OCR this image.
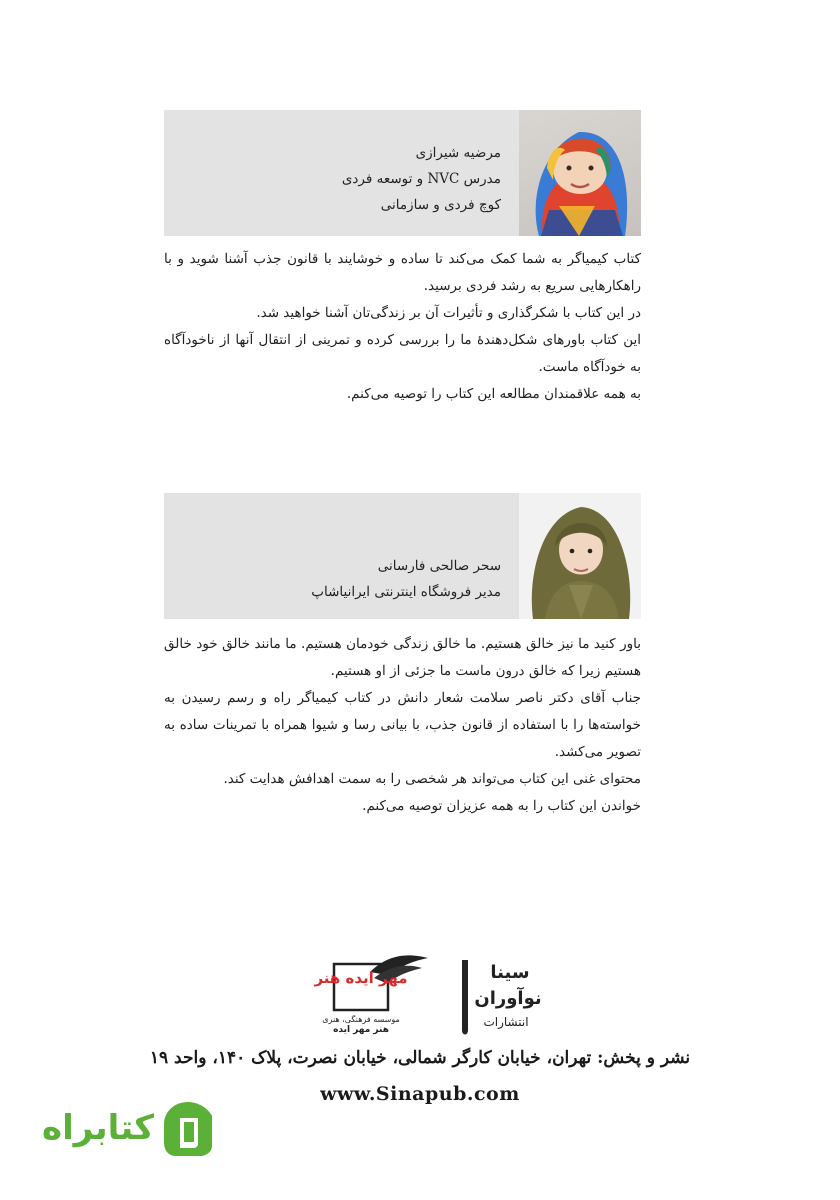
مرضیه شیرازی
مدرس NVC و توسعه فردی
کوچ فردی و سازمانی

کتاب کیمیاگر به شما کمک می‌کند تا ساده و خوشایند با قانون جذب آشنا شوید و با راهکارهایی سریع به رشد فردی برسید.

در این کتاب با شکرگذاری و تأثیرات آن بر زندگی‌تان آشنا خواهید شد.

این کتاب باورهای شکل‌دهندهٔ ما را بررسی کرده و تمرینی از انتقال آنها از ناخودآگاه به خودآگاه ماست.

به همه علاقمندان مطالعه این کتاب را توصیه می‌کنم.

سحر صالحی فارسانی
مدیر فروشگاه اینترنتی ایرانیاشاپ

باور کنید ما نیز خالق هستیم. ما خالق زندگی خودمان هستیم. ما مانند خالق خود خالق هستیم زیرا که خالق درون ماست ما جزئی از او هستیم.

جناب آقای دکتر ناصر سلامت شعار دانش در کتاب کیمیاگر راه و رسم رسیدن به خواسته‌ها را با استفاده از قانون جذب، با بیانی رسا و شیوا همراه با تمرینات ساده به تصویر می‌کشد.

محتوای غنی این کتاب می‌تواند هر شخصی را به سمت اهدافش هدایت کند.

خواندن این کتاب را به همه عزیزان توصیه می‌کنم.

مهر ایده هنر
موسسه فرهنگی، هنری
هنر مهر ایده
سینا
نوآوران
انتشارات
نشر و پخش: تهران، خیابان کارگر شمالی، خیابان نصرت، پلاک ۱۴۰، واحد ۱۹
www.Sinapub.com
کتابراه
